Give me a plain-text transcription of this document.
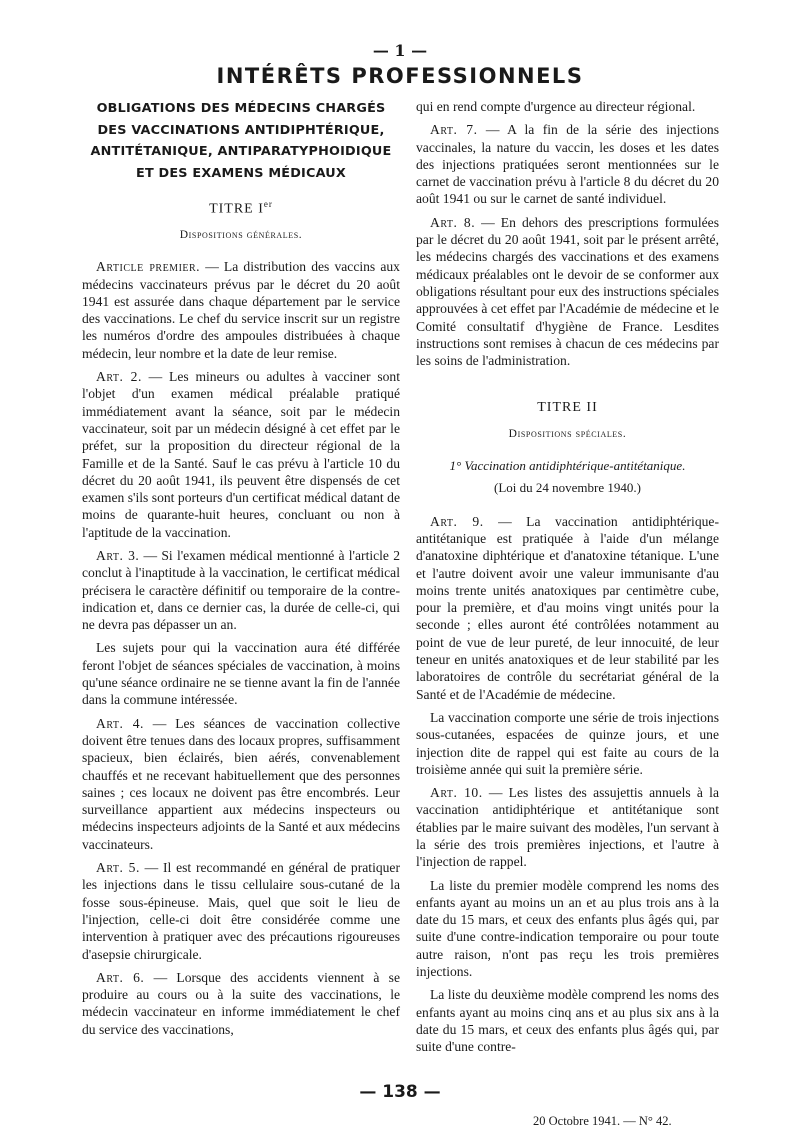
— 1 —
INTÉRÊTS PROFESSIONNELS
OBLIGATIONS DES MÉDECINS CHARGÉS
DES VACCINATIONS ANTIDIPHTÉRIQUE,
ANTITÉTANIQUE, ANTIPARATYPHOIDIQUE
ET DES EXAMENS MÉDICAUX
TITRE Ier
Dispositions générales.

Article premier. — La distribution des vaccins aux médecins vaccinateurs prévus par le décret du 20 août 1941 est assurée dans chaque département par le service des vaccinations. Le chef du service inscrit sur un registre les numéros d'ordre des ampoules distribuées à chaque médecin, leur nombre et la date de leur remise.

Art. 2. — Les mineurs ou adultes à vacciner sont l'objet d'un examen médical préalable pratiqué immédiatement avant la séance, soit par le médecin vaccinateur, soit par un médecin désigné à cet effet par le préfet, sur la proposition du directeur régional de la Famille et de la Santé. Sauf le cas prévu à l'article 10 du décret du 20 août 1941, ils peuvent être dispensés de cet examen s'ils sont porteurs d'un certificat médical datant de moins de quarante-huit heures, concluant ou non à l'aptitude de la vaccination.

Art. 3. — Si l'examen médical mentionné à l'article 2 conclut à l'inaptitude à la vaccination, le certificat médical précisera le caractère définitif ou temporaire de la contre-indication et, dans ce dernier cas, la durée de celle-ci, qui ne devra pas dépasser un an.

Les sujets pour qui la vaccination aura été différée feront l'objet de séances spéciales de vaccination, à moins qu'une séance ordinaire ne se tienne avant la fin de l'année dans la commune intéressée.

Art. 4. — Les séances de vaccination collective doivent être tenues dans des locaux propres, suffisamment spacieux, bien éclairés, bien aérés, convenablement chauffés et ne recevant habituellement que des personnes saines ; ces locaux ne doivent pas être encombrés. Leur surveillance appartient aux médecins inspecteurs ou médecins inspecteurs adjoints de la Santé et aux médecins vaccinateurs.

Art. 5. — Il est recommandé en général de pratiquer les injections dans le tissu cellulaire sous-cutané de la fosse sous-épineuse. Mais, quel que soit le lieu de l'injection, celle-ci doit être considérée comme une intervention à pratiquer avec des précautions rigoureuses d'asepsie chirurgicale.

Art. 6. — Lorsque des accidents viennent à se produire au cours ou à la suite des vaccinations, le médecin vaccinateur en informe immédiatement le chef du service des vaccinations,

qui en rend compte d'urgence au directeur régional.

Art. 7. — A la fin de la série des injections vaccinales, la nature du vaccin, les doses et les dates des injections pratiquées seront mentionnées sur le carnet de vaccination prévu à l'article 8 du décret du 20 août 1941 ou sur le carnet de santé individuel.

Art. 8. — En dehors des prescriptions formulées par le décret du 20 août 1941, soit par le présent arrêté, les médecins chargés des vaccinations et des examens médicaux préalables ont le devoir de se conformer aux obligations résultant pour eux des instructions spéciales approuvées à cet effet par l'Académie de médecine et le Comité consultatif d'hygiène de France. Lesdites instructions sont remises à chacun de ces médecins par les soins de l'administration.

TITRE II
Dispositions spéciales.
1° Vaccination antidiphtérique-antitétanique.
(Loi du 24 novembre 1940.)

Art. 9. — La vaccination antidiphtérique-antitétanique est pratiquée à l'aide d'un mélange d'anatoxine diphtérique et d'anatoxine tétanique. L'une et l'autre doivent avoir une valeur immunisante d'au moins trente unités anatoxiques par centimètre cube, pour la première, et d'au moins vingt unités pour la seconde ; elles auront été contrôlées notamment au point de vue de leur pureté, de leur innocuité, de leur teneur en unités anatoxiques et de leur stabilité par les laboratoires de contrôle du secrétariat général de la Santé et de l'Académie de médecine.

La vaccination comporte une série de trois injections sous-cutanées, espacées de quinze jours, et une injection dite de rappel qui est faite au cours de la troisième année qui suit la première série.

Art. 10. — Les listes des assujettis annuels à la vaccination antidiphtérique et antitétanique sont établies par le maire suivant des modèles, l'un servant à la série des trois premières injections, et l'autre à l'injection de rappel.

La liste du premier modèle comprend les noms des enfants ayant au moins un an et au plus trois ans à la date du 15 mars, et ceux des enfants plus âgés qui, par suite d'une contre-indication temporaire ou pour toute autre raison, n'ont pas reçu les trois premières injections.

La liste du deuxième modèle comprend les noms des enfants ayant au moins cinq ans et au plus six ans à la date du 15 mars, et ceux des enfants plus âgés qui, par suite d'une contre-

— 138 —
20 Octobre 1941. — N° 42.
